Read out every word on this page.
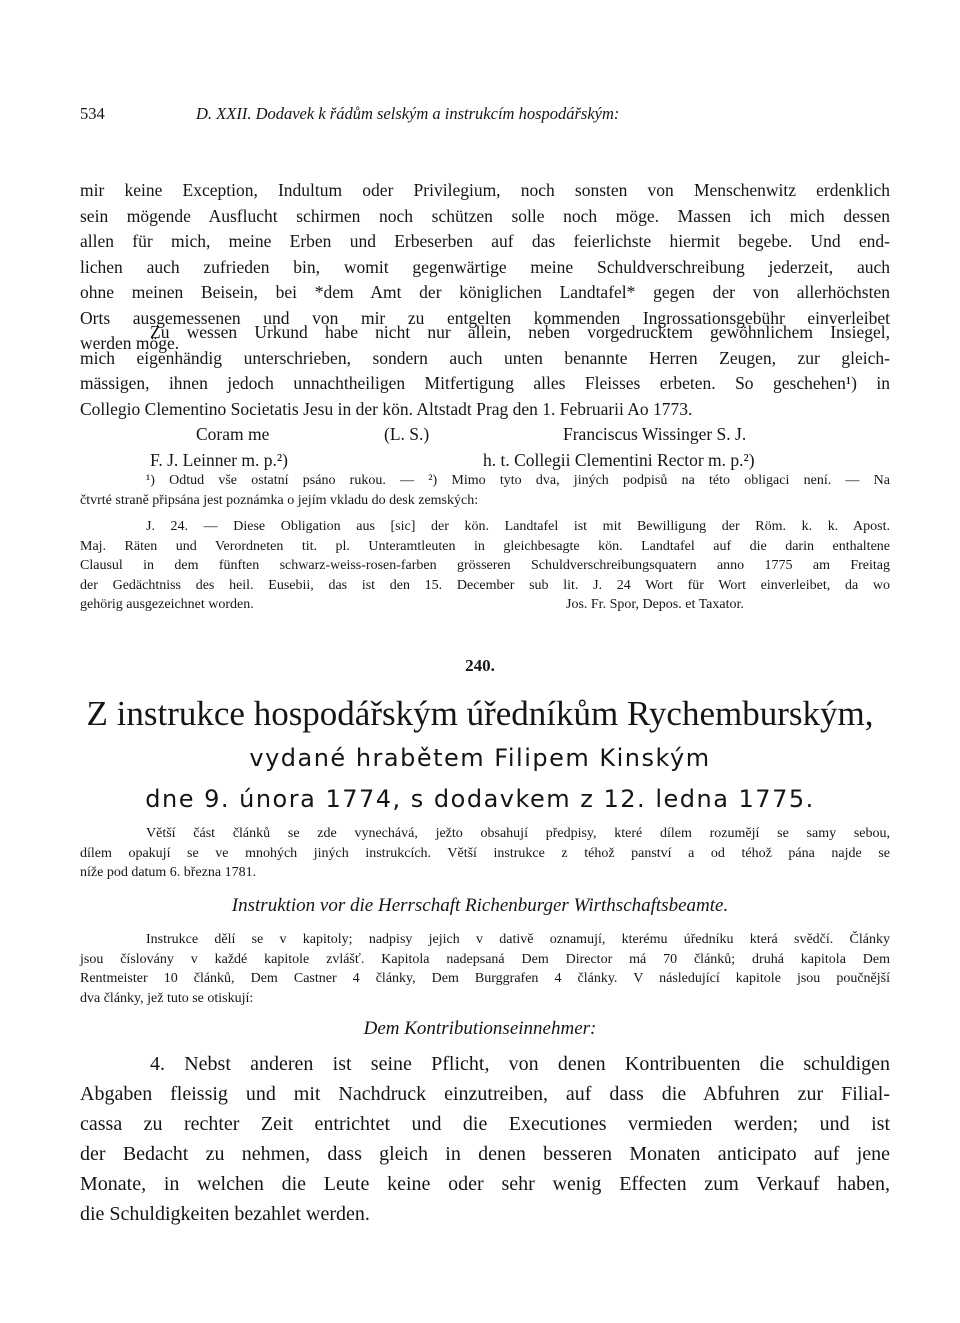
534	D. XXII. Dodavek k řádům selským a instrukcím hospodářským:
mir keine Exception, Indultum oder Privilegium, noch sonsten von Menschenwitz erdenklich
sein mögende Ausflucht schirmen noch schützen solle noch möge. Massen ich mich dessen
allen für mich, meine Erben und Erbeserben auf das feierlichste hiermit begebe. Und end-
lichen auch zufrieden bin, womit gegenwärtige meine Schuldverschreibung jederzeit, auch
ohne meinen Beisein, bei *dem Amt der königlichen Landtafel* gegen der von allerhöchsten
Orts ausgemessenen und von mir zu entgelten kommenden Ingrossationsgebühr einverleibet
werden möge.
Zu wessen Urkund habe nicht nur allein, neben vorgedrucktem gewöhnlichem Insiegel,
mich eigenhändig unterschrieben, sondern auch unten benannte Herren Zeugen, zur gleich-
mässigen, ihnen jedoch unnachtheiligen Mitfertigung alles Fleisses erbeten. So geschehen¹) in
Collegio Clementino Societatis Jesu in der kön. Altstadt Prag den 1. Februarii Ao 1773.
Coram me	(L. S.)	Franciscus Wissinger S. J.
F. J. Leinner m. p.²)	h. t. Collegii Clementini Rector m. p.²)
¹) Odtud vše ostatní psáno rukou. — ²) Mimo tyto dva, jiných podpisů na této obligaci není. — Na
čtvrté straně připsána jest poznámka o jejím vkladu do desk zemských:
J. 24. — Diese Obligation aus [sic] der kön. Landtafel ist mit Bewilligung der Röm. k. k. Apost.
Maj. Räten und Verordneten tit. pl. Unteramtleuten in gleichbesagte kön. Landtafel auf die darin enthaltene
Clausul in dem fünften schwarz-weiss-rosen-farben grösseren Schuldverschreibungsquatern anno 1775 am Freitag
der Gedächtniss des heil. Eusebii, das ist den 15. December sub lit. J. 24 Wort für Wort einverleibet, da wo
gehörig ausgezeichnet worden.	Jos. Fr. Spor, Depos. et Taxator.
240.
Z instrukce hospodářským úředníkům Rychemburským,
vydané hrabětem Filipem Kinským
dne 9. února 1774, s dodavkem z 12. ledna 1775.
Větší část článků se zde vynechává, ježto obsahují předpisy, které dílem rozumějí se samy sebou,
dílem opakují se ve mnohých jiných instrukcích. Větší instrukce z téhož panství a od téhož pána najde se
níže pod datum 6. března 1781.
Instruktion vor die Herrschaft Richenburger Wirthschaftsbeamte.
Instrukce dělí se v kapitoly; nadpisy jejich v dativě oznamují, kterému úředníku která svědčí. Články
jsou číslovány v každé kapitole zvlášť. Kapitola nadepsaná Dem Director má 70 článků; druhá kapitola Dem
Rentmeister 10 článků, Dem Castner 4 články, Dem Burggrafen 4 články. V následující kapitole jsou poučnější
dva články, jež tuto se otiskují:
Dem Kontributionseinnehmer:
4. Nebst anderen ist seine Pflicht, von denen Kontribuenten die schuldigen
Abgaben fleissig und mit Nachdruck einzutreiben, auf dass die Abfuhren zur Filial-
cassa zu rechter Zeit entrichtet und die Executiones vermieden werden; und ist
der Bedacht zu nehmen, dass gleich in denen besseren Monaten anticipato auf jene
Monate, in welchen die Leute keine oder sehr wenig Effecten zum Verkauf haben,
die Schuldigkeiten bezahlet werden.
